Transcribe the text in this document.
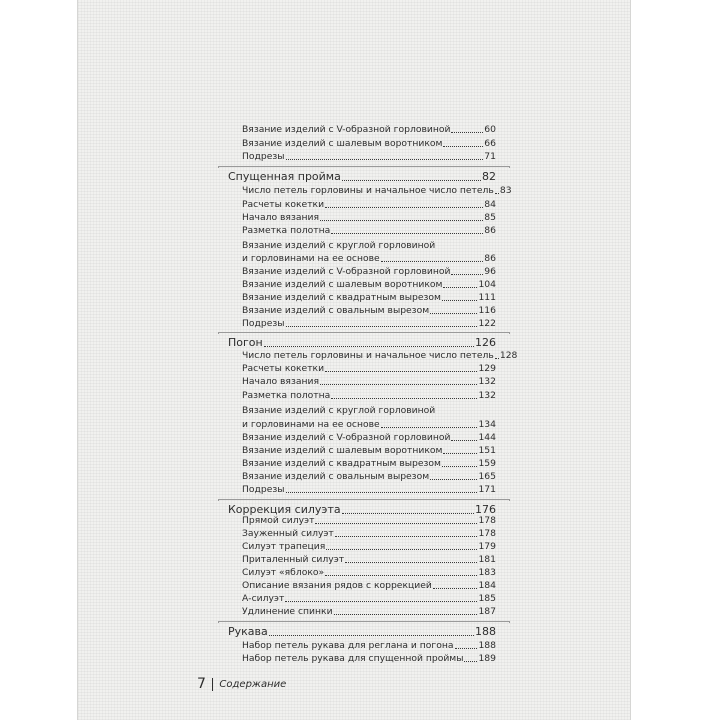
7 Содержание
Вязание изделий с V-образной горловиной	60
Вязание изделий с шалевым воротником	66
Подрезы	71
Спущенная пройма	82
Число петель горловины и начальное число петель 83
Расчеты кокетки	84
Начало вязания	85
Разметка полотна	86
Вязание изделий с круглой горловиной
и горловинами на ее основе	86
Вязание изделий с V-образной горловиной	96
Вязание изделий с шалевым воротником	104
Вязание изделий с квадратным вырезом	111
Вязание изделий с овальным вырезом	116
Подрезы	122
Погон	126
Число петель горловины и начальное число петель 128
Расчеты кокетки	129
Начало вязания	132
Разметка полотна	132
Вязание изделий с круглой горловиной
и горловинами на ее основе	134
Вязание изделий с V-образной горловиной	144
Вязание изделий с шалевым воротником	151
Вязание изделий с квадратным вырезом	159
Вязание изделий с овальным вырезом	165
Подрезы	171
Коррекция силуэта	176
Прямой силуэт	178
Зауженный силуэт	178
Силуэт трапеция	179
Приталенный силуэт	181
Силуэт «яблоко»	183
Описание вязания рядов с коррекцией	184
А-силуэт	185
Удлинение спинки	187
Рукава	188
Набор петель рукава для реглана и погона	188
Набор петель рукава для спущенной проймы 189
